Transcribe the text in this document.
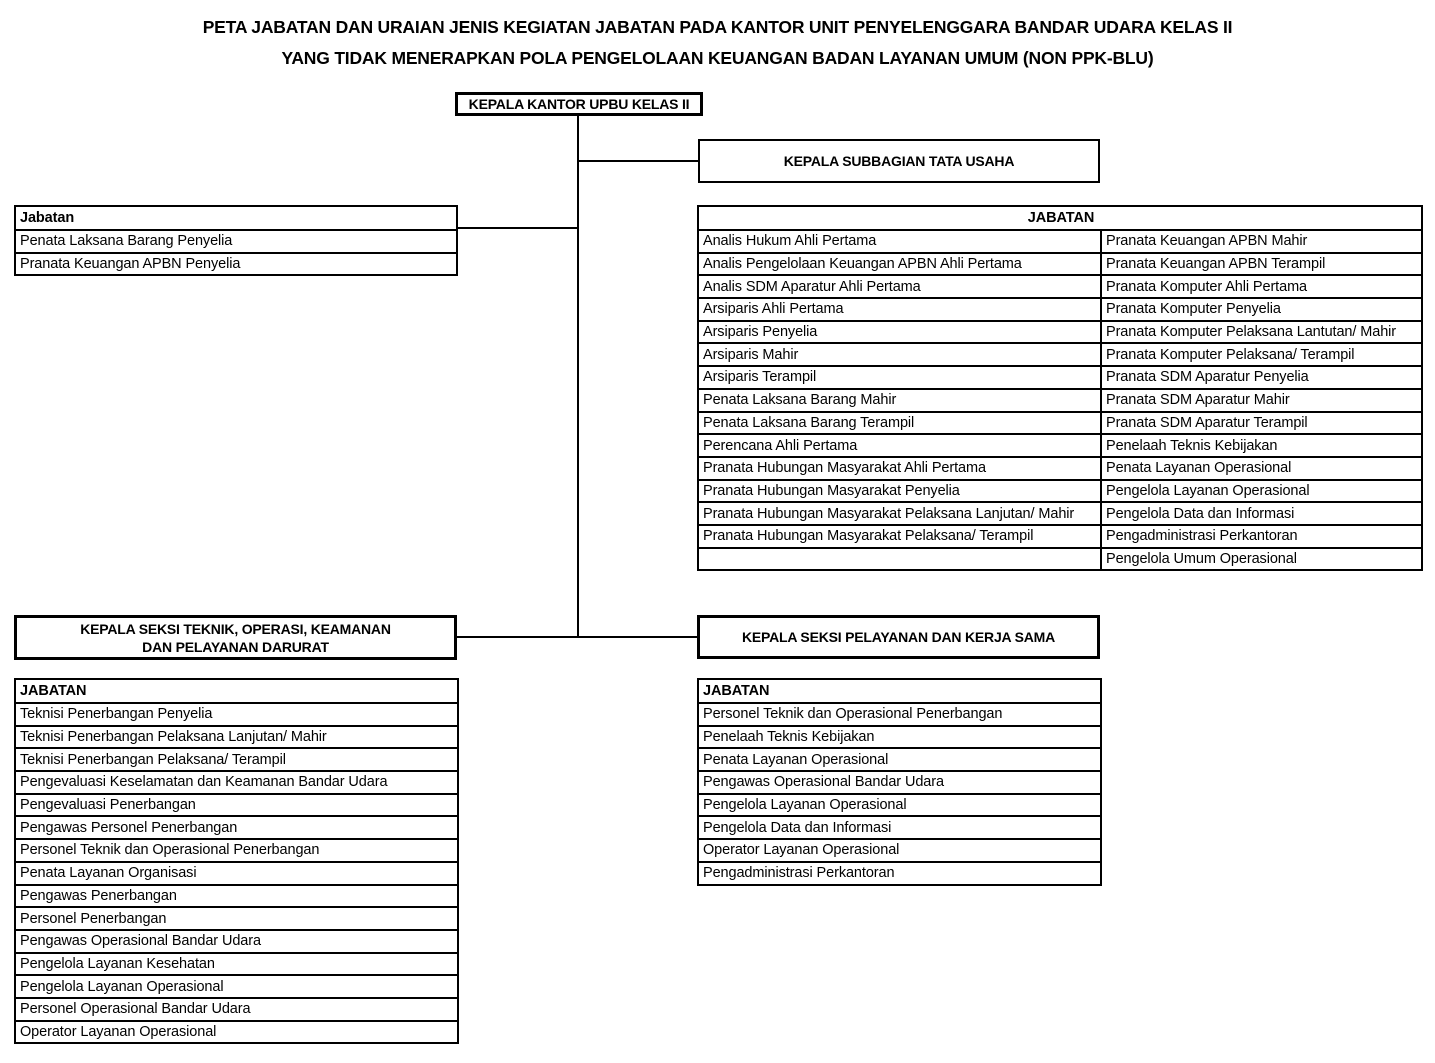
PETA JABATAN DAN URAIAN JENIS KEGIATAN JABATAN PADA KANTOR UNIT PENYELENGGARA BANDAR UDARA KELAS II
YANG TIDAK MENERAPKAN POLA PENGELOLAAN KEUANGAN BADAN LAYANAN UMUM (NON PPK-BLU)
KEPALA KANTOR UPBU KELAS II
KEPALA SUBBAGIAN TATA USAHA
Jabatan
Penata Laksana Barang Penyelia
Pranata Keuangan APBN Penyelia
JABATAN	
Analis Hukum Ahli Pertama	Pranata Keuangan APBN Mahir
Analis Pengelolaan Keuangan APBN Ahli Pertama	Pranata Keuangan APBN Terampil
Analis SDM Aparatur Ahli Pertama	Pranata Komputer Ahli Pertama
Arsiparis Ahli Pertama	Pranata Komputer Penyelia
Arsiparis Penyelia	Pranata Komputer Pelaksana Lantutan/ Mahir
Arsiparis Mahir	Pranata Komputer Pelaksana/ Terampil
Arsiparis Terampil	Pranata SDM Aparatur Penyelia
Penata Laksana Barang Mahir	Pranata SDM Aparatur Mahir
Penata Laksana Barang Terampil	Pranata SDM Aparatur Terampil
Perencana Ahli Pertama	Penelaah Teknis Kebijakan
Pranata Hubungan Masyarakat Ahli Pertama	Penata Layanan Operasional
Pranata Hubungan Masyarakat Penyelia	Pengelola Layanan Operasional
Pranata Hubungan Masyarakat Pelaksana Lanjutan/ Mahir	Pengelola Data dan Informasi
Pranata Hubungan Masyarakat Pelaksana/ Terampil	Pengadministrasi Perkantoran
	Pengelola Umum Operasional
KEPALA SEKSI TEKNIK, OPERASI, KEAMANAN
DAN PELAYANAN DARURAT
KEPALA SEKSI PELAYANAN DAN KERJA SAMA
JABATAN
Teknisi Penerbangan Penyelia
Teknisi Penerbangan Pelaksana Lanjutan/ Mahir
Teknisi Penerbangan Pelaksana/ Terampil
Pengevaluasi Keselamatan dan Keamanan Bandar Udara
Pengevaluasi Penerbangan
Pengawas Personel Penerbangan
Personel Teknik dan Operasional Penerbangan
Penata Layanan Organisasi
Pengawas Penerbangan
Personel Penerbangan
Pengawas Operasional Bandar Udara
Pengelola Layanan Kesehatan
Pengelola Layanan Operasional
Personel Operasional Bandar Udara
Operator Layanan Operasional
JABATAN
Personel Teknik dan Operasional Penerbangan
Penelaah Teknis Kebijakan
Penata Layanan Operasional
Pengawas Operasional Bandar Udara
Pengelola Layanan Operasional
Pengelola Data dan Informasi
Operator Layanan Operasional
Pengadministrasi Perkantoran
